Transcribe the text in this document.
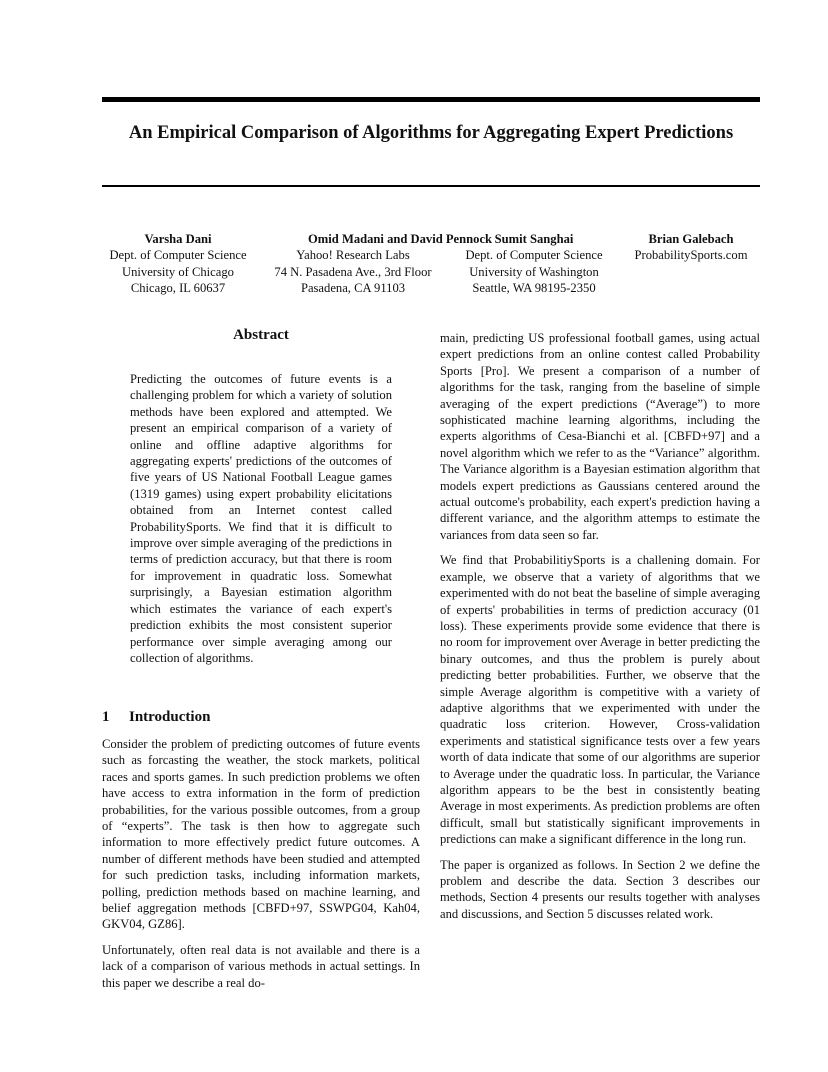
An Empirical Comparison of Algorithms for Aggregating Expert Predictions
Varsha Dani
Dept. of Computer Science
University of Chicago
Chicago, IL 60637
Omid Madani and David Pennock
Yahoo! Research Labs
74 N. Pasadena Ave., 3rd Floor
Pasadena, CA 91103
Sumit Sanghai
Dept. of Computer Science
University of Washington
Seattle, WA 98195-2350
Brian Galebach
ProbabilitySports.com
Abstract

Predicting the outcomes of future events is a challenging problem for which a variety of solution methods have been explored and attempted. We present an empirical comparison of a variety of online and offline adaptive algorithms for aggregating experts' predictions of the outcomes of five years of US National Football League games (1319 games) using expert probability elicitations obtained from an Internet contest called ProbabilitySports. We find that it is difficult to improve over simple averaging of the predictions in terms of prediction accuracy, but that there is room for improvement in quadratic loss. Somewhat surprisingly, a Bayesian estimation algorithm which estimates the variance of each expert's prediction exhibits the most consistent superior performance over simple averaging among our collection of algorithms.

1 Introduction

Consider the problem of predicting outcomes of future events such as forcasting the weather, the stock markets, political races and sports games. In such prediction problems we often have access to extra information in the form of prediction probabilities, for the various possible outcomes, from a group of “experts”. The task is then how to aggregate such information to more effectively predict future outcomes. A number of different methods have been studied and attempted for such prediction tasks, including information markets, polling, prediction methods based on machine learning, and belief aggregation methods [CBFD+97, SSWPG04, Kah04, GKV04, GZ86].

Unfortunately, often real data is not available and there is a lack of a comparison of various methods in actual settings. In this paper we describe a real do-

main, predicting US professional football games, using actual expert predictions from an online contest called Probability Sports [Pro]. We present a comparison of a number of algorithms for the task, ranging from the baseline of simple averaging of the expert predictions (“Average”) to more sophisticated machine learning algorithms, including the experts algorithms of Cesa-Bianchi et al. [CBFD+97] and a novel algorithm which we refer to as the “Variance” algorithm. The Variance algorithm is a Bayesian estimation algorithm that models expert predictions as Gaussians centered around the actual outcome's probability, each expert's prediction having a different variance, and the algorithm attemps to estimate the variances from data seen so far.

We find that ProbabilitiySports is a challening domain. For example, we observe that a variety of algorithms that we experimented with do not beat the baseline of simple averaging of experts' probabilities in terms of prediction accuracy (01 loss). These experiments provide some evidence that there is no room for improvement over Average in better predicting the binary outcomes, and thus the problem is purely about predicting better probabilities. Further, we observe that the simple Average algorithm is competitive with a variety of adaptive algorithms that we experimented with under the quadratic loss criterion. However, Cross-validation experiments and statistical significance tests over a few years worth of data indicate that some of our algorithms are superior to Average under the quadratic loss. In particular, the Variance algorithm appears to be the best in consistently beating Average in most experiments. As prediction problems are often difficult, small but statistically significant improvements in predictions can make a significant difference in the long run.

The paper is organized as follows. In Section 2 we define the problem and describe the data. Section 3 describes our methods, Section 4 presents our results together with analyses and discussions, and Section 5 discusses related work.
